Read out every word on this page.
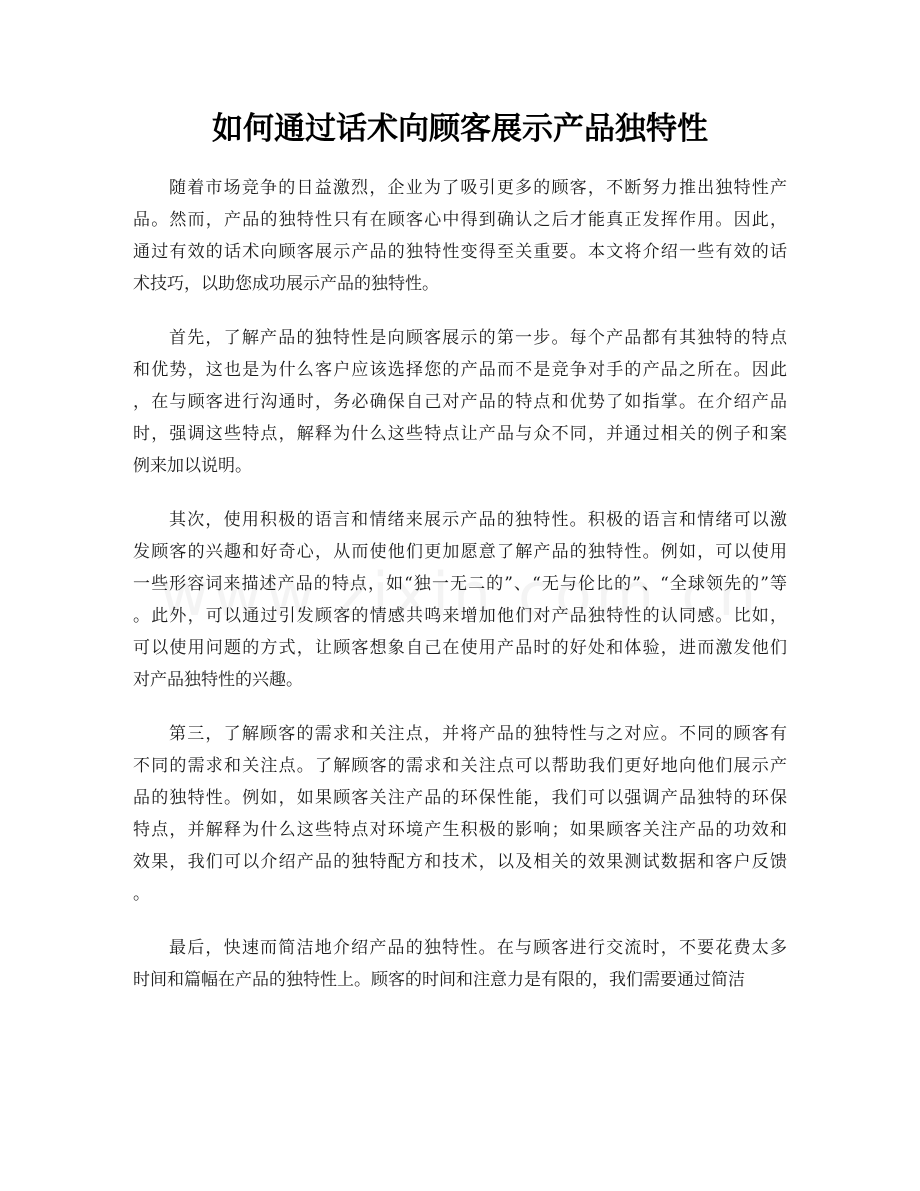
如何通过话术向顾客展示产品独特性

随着市场竞争的日益激烈，企业为了吸引更多的顾客，不断努力推出独特性产
品。然而，产品的独特性只有在顾客心中得到确认之后才能真正发挥作用。因此，
通过有效的话术向顾客展示产品的独特性变得至关重要。本文将介绍一些有效的话
术技巧，以助您成功展示产品的独特性。

首先，了解产品的独特性是向顾客展示的第一步。每个产品都有其独特的特点
和优势，这也是为什么客户应该选择您的产品而不是竞争对手的产品之所在。因此
，在与顾客进行沟通时，务必确保自己对产品的特点和优势了如指掌。在介绍产品
时，强调这些特点，解释为什么这些特点让产品与众不同，并通过相关的例子和案
例来加以说明。

其次，使用积极的语言和情绪来展示产品的独特性。积极的语言和情绪可以激
发顾客的兴趣和好奇心，从而使他们更加愿意了解产品的独特性。例如，可以使用
一些形容词来描述产品的特点，如“独一无二的”、“无与伦比的”、“全球领先的”等
。此外，可以通过引发顾客的情感共鸣来增加他们对产品独特性的认同感。比如，
可以使用问题的方式，让顾客想象自己在使用产品时的好处和体验，进而激发他们
对产品独特性的兴趣。

第三，了解顾客的需求和关注点，并将产品的独特性与之对应。不同的顾客有
不同的需求和关注点。了解顾客的需求和关注点可以帮助我们更好地向他们展示产
品的独特性。例如，如果顾客关注产品的环保性能，我们可以强调产品独特的环保
特点，并解释为什么这些特点对环境产生积极的影响；如果顾客关注产品的功效和
效果，我们可以介绍产品的独特配方和技术，以及相关的效果测试数据和客户反馈
。

最后，快速而简洁地介绍产品的独特性。在与顾客进行交流时，不要花费太多
时间和篇幅在产品的独特性上。顾客的时间和注意力是有限的，我们需要通过简洁
